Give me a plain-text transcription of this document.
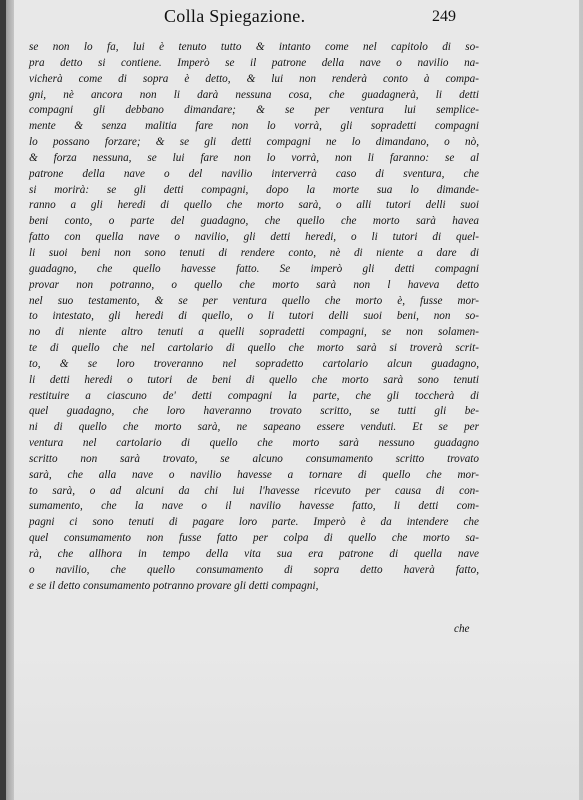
Colla Spiegazione.	249
se non lo fa, lui è tenuto tutto & intanto come nel capitolo di so-
pra detto si contiene. Imperò se il patrone della nave o navilio na-
vicherà come di sopra è detto, & lui non renderà conto à compa-
gni, nè ancora non li darà nessuna cosa, che guadagnerà, li detti
compagni gli debbano dimandare; & se per ventura lui semplice-
mente & senza malitia fare non lo vorrà, gli sopradetti compagni
lo possano forzare; & se gli detti compagni ne lo dimandano, o nò,
& forza nessuna, se lui fare non lo vorrà, non li faranno: se al
patrone della nave o del navilio interverrà caso di sventura, che
si morirà: se gli detti compagni, dopo la morte sua lo dimande-
ranno a gli heredi di quello che morto sarà, o alli tutori delli suoi
beni conto, o parte del guadagno, che quello che morto sarà havea
fatto con quella nave o navilio, gli detti heredi, o li tutori di quel-
li suoi beni non sono tenuti di rendere conto, nè di niente a dare di
guadagno, che quello havesse fatto. Se imperò gli detti compagni
provar non potranno, o quello che morto sarà non l haveva detto
nel suo testamento, & se per ventura quello che morto è, fusse mor-
to intestato, gli heredi di quello, o li tutori delli suoi beni, non so-
no di niente altro tenuti a quelli sopradetti compagni, se non solamen-
te di quello che nel cartolario di quello che morto sarà si troverà scrit-
to, & se loro troveranno nel sopradetto cartolario alcun guadagno,
li detti heredi o tutori de beni di quello che morto sarà sono tenuti
restituire a ciascuno de' detti compagni la parte, che gli toccherà di
quel guadagno, che loro haveranno trovato scritto, se tutti gli be-
ni di quello che morto sarà, ne sapeano essere venduti. Et se per
ventura nel cartolario di quello che morto sarà nessuno guadagno
scritto non sarà trovato, se alcuno consumamento scritto trovato
sarà, che alla nave o navilio havesse a tornare di quello che mor-
to sarà, o ad alcuni da chi lui l'havesse ricevuto per causa di con-
sumamento, che la nave o il navilio havesse fatto, li detti com-
pagni ci sono tenuti di pagare loro parte. Imperò è da intendere che
quel consumamento non fusse fatto per colpa di quello che morto sa-
rà, che allhora in tempo della vita sua era patrone di quella nave
o navilio, che quello consumamento di sopra detto haverà fatto,
e se il detto consumamento potranno provare gli detti compagni,
che
